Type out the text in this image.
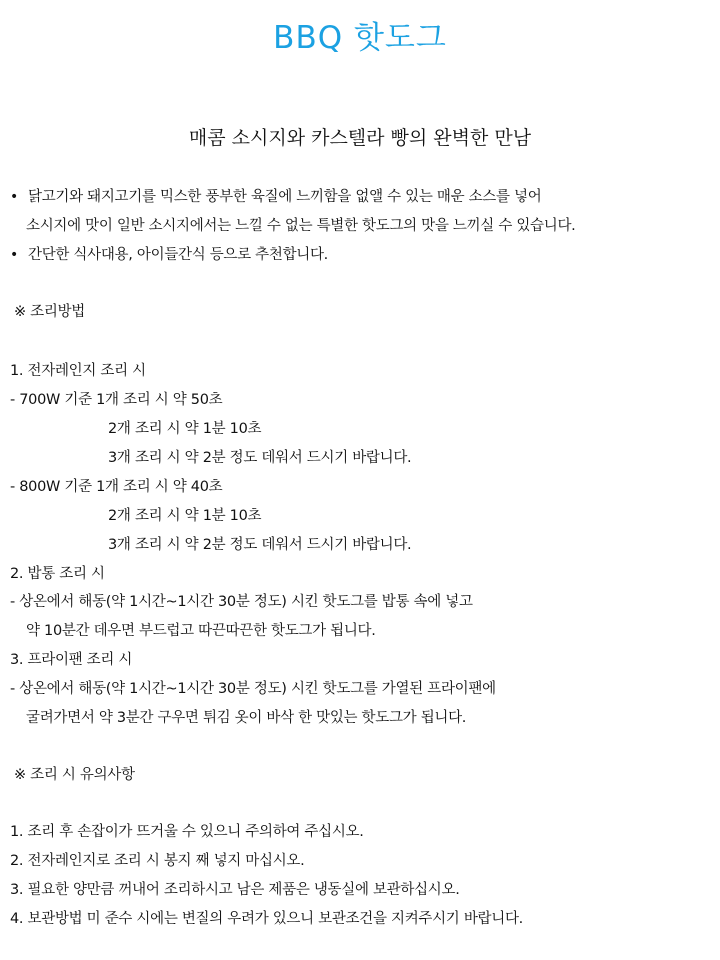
BBQ 핫도그
매콤 소시지와 카스텔라 빵의 완벽한 만남
• 닭고기와 돼지고기를 믹스한 풍부한 육질에 느끼함을 없앨 수 있는 매운 소스를 넣어
소시지에 맛이 일반 소시지에서는 느낄 수 없는 특별한 핫도그의 맛을 느끼실 수 있습니다.
• 간단한 식사대용, 아이들간식 등으로 추천합니다.
※ 조리방법
1. 전자레인지 조리 시
- 700W 기준 1개 조리 시 약 50초
2개 조리 시 약 1분 10초
3개 조리 시 약 2분 정도 데워서 드시기 바랍니다.
- 800W 기준 1개 조리 시 약 40초
2개 조리 시 약 1분 10초
3개 조리 시 약 2분 정도 데워서 드시기 바랍니다.
2. 밥통 조리 시
- 상온에서 해동(약 1시간~1시간 30분 정도) 시킨 핫도그를 밥통 속에 넣고
약 10분간 데우면 부드럽고 따끈따끈한 핫도그가 됩니다.
3. 프라이팬 조리 시
- 상온에서 해동(약 1시간~1시간 30분 정도) 시킨 핫도그를 가열된 프라이팬에
굴려가면서 약 3분간 구우면 튀김 옷이 바삭 한 맛있는 핫도그가 됩니다.
※ 조리 시 유의사항
1. 조리 후 손잡이가 뜨거울 수 있으니 주의하여 주십시오.
2. 전자레인지로 조리 시 봉지 째 넣지 마십시오.
3. 필요한 양만큼 꺼내어 조리하시고 남은 제품은 냉동실에 보관하십시오.
4. 보관방법 미 준수 시에는 변질의 우려가 있으니 보관조건을 지켜주시기 바랍니다.
